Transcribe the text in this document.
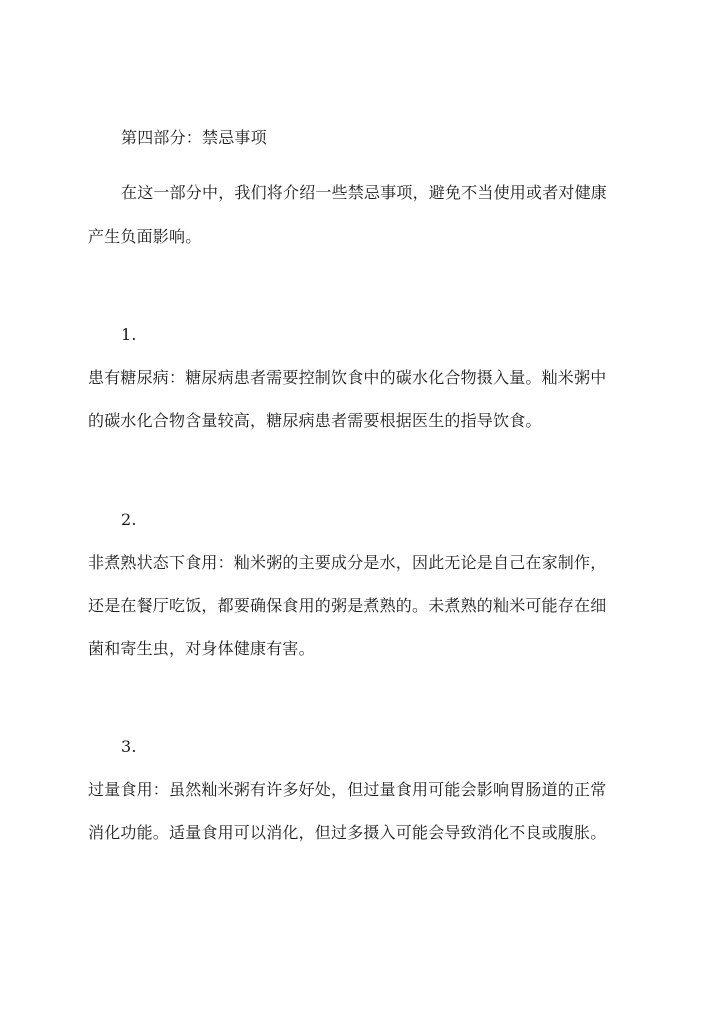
第四部分：禁忌事项
在这一部分中，我们将介绍一些禁忌事项，避免不当使用或者对健康
产生负面影响。
1.
患有糖尿病：糖尿病患者需要控制饮食中的碳水化合物摄入量。籼米粥中
的碳水化合物含量较高，糖尿病患者需要根据医生的指导饮食。
2.
非煮熟状态下食用：籼米粥的主要成分是水，因此无论是自己在家制作，
还是在餐厅吃饭，都要确保食用的粥是煮熟的。未煮熟的籼米可能存在细
菌和寄生虫，对身体健康有害。
3.
过量食用：虽然籼米粥有许多好处，但过量食用可能会影响胃肠道的正常
消化功能。适量食用可以消化，但过多摄入可能会导致消化不良或腹胀。
